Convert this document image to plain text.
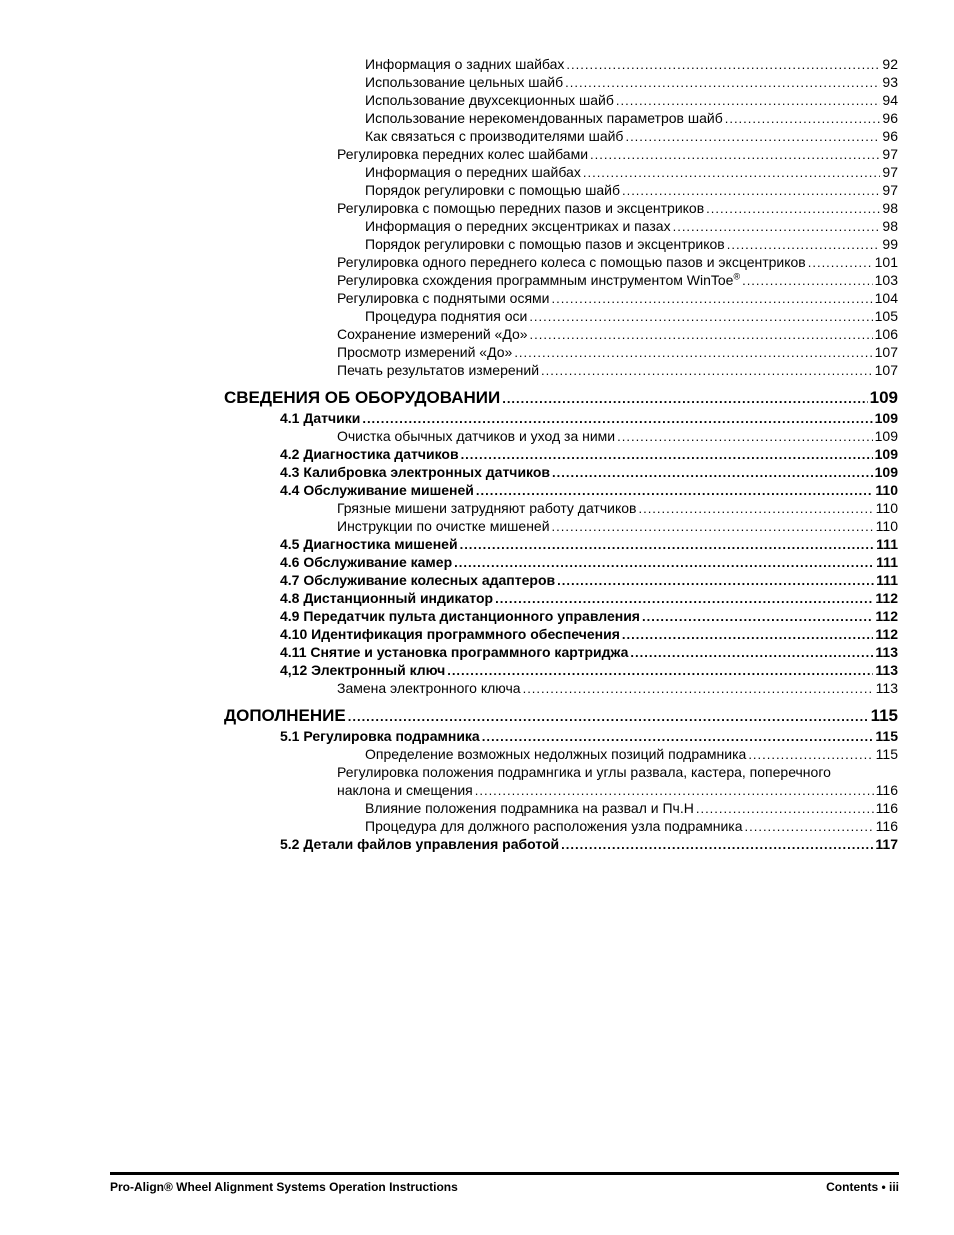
Информация о задних шайбах .....	92
Использование цельных шайб .....	93
Использование двухсекционных шайб .....	94
Использование нерекомендованных параметров шайб .....	96
Как связаться с производителями шайб .....	96
Регулировка передних колес шайбами .....	97
Информация о передних шайбах .....	97
Порядок регулировки с помощью шайб .....	97
Регулировка с помощью передних пазов и эксцентриков .....	98
Информация о передних эксцентриках и пазах .....	98
Порядок регулировки с помощью пазов и эксцентриков .....	99
Регулировка одного переднего колеса с помощью пазов и эксцентриков .....	101
Регулировка схождения программным инструментом WinToe® .....	103
Регулировка с поднятыми осями .....	104
Процедура поднятия оси .....	105
Сохранение измерений «До» .....	106
Просмотр измерений «До» .....	107
Печать результатов измерений .....	107
СВЕДЕНИЯ ОБ ОБОРУДОВАНИИ .....	109
4.1 Датчики .....	109
Очистка обычных датчиков и уход за ними .....	109
4.2 Диагностика датчиков .....	109
4.3 Калибровка электронных датчиков .....	109
4.4 Обслуживание мишеней .....	110
Грязные мишени затрудняют работу датчиков .....	110
Инструкции по очистке мишеней .....	110
4.5 Диагностика мишеней .....	111
4.6 Обслуживание камер .....	111
4.7 Обслуживание колесных адаптеров .....	111
4.8 Дистанционный индикатор .....	112
4.9 Передатчик пульта дистанционного управления .....	112
4.10 Идентификация программного обеспечения .....	112
4.11 Снятие и установка программного картриджа .....	113
4,12 Электронный ключ .....	113
Замена электронного ключа .....	113
ДОПОЛНЕНИЕ .....	115
5.1 Регулировка подрамника .....	115
Определение возможных недолжных позиций подрамника .....	115
Регулировка положения подрамнгика и углы развала, кастера, поперечного
наклона и смещения .....	116
Влияние положения подрамника на развал и Пч.Н .....	116
Процедура для должного расположения узла подрамника .....	116
5.2 Детали файлов управления работой .....	117
Pro-Align® Wheel Alignment Systems Operation Instructions	Contents • iii
